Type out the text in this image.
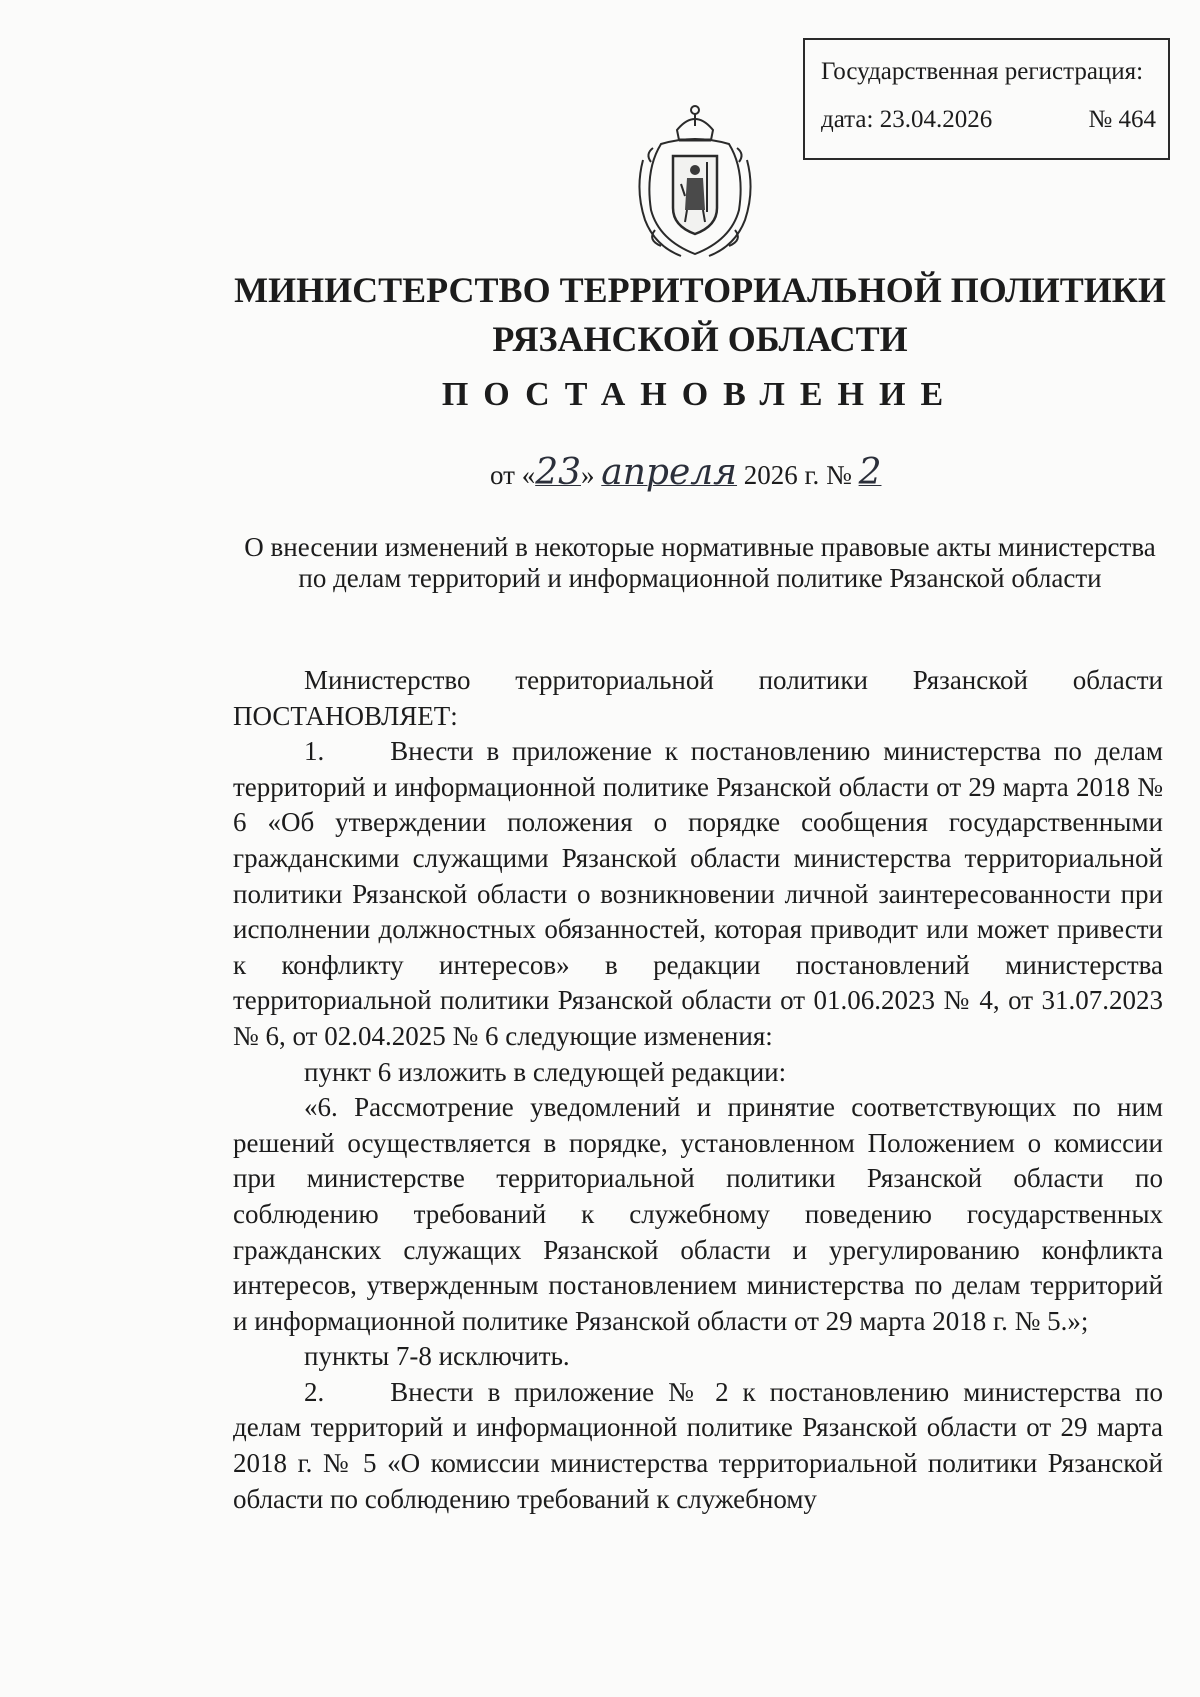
Государственная регистрация:
дата: 23.04.2026	№ 464
МИНИСТЕРСТВО ТЕРРИТОРИАЛЬНОЙ ПОЛИТИКИ
РЯЗАНСКОЙ ОБЛАСТИ
ПОСТАНОВЛЕНИЕ
от «23» апреля 2026 г. № 2
О внесении изменений в некоторые нормативные правовые акты министерства по делам территорий и информационной политике Рязанской области

Министерство территориальной политики Рязанской области ПОСТАНОВЛЯЕТ:

1. Внести в приложение к постановлению министерства по делам территорий и информационной политике Рязанской области от 29 марта 2018 № 6 «Об утверждении положения о порядке сообщения государственными гражданскими служащими Рязанской области министерства территориальной политики Рязанской области о возникновении личной заинтересованности при исполнении должностных обязанностей, которая приводит или может привести к конфликту интересов» в редакции постановлений министерства территориальной политики Рязанской области от 01.06.2023 № 4, от 31.07.2023 № 6, от 02.04.2025 № 6 следующие изменения:

пункт 6 изложить в следующей редакции:

«6. Рассмотрение уведомлений и принятие соответствующих по ним решений осуществляется в порядке, установленном Положением о комиссии при министерстве территориальной политики Рязанской области по соблюдению требований к служебному поведению государственных гражданских служащих Рязанской области и урегулированию конфликта интересов, утвержденным постановлением министерства по делам территорий и информационной политике Рязанской области от 29 марта 2018 г. № 5.»;

пункты 7-8 исключить.

2. Внести в приложение № 2 к постановлению министерства по делам территорий и информационной политике Рязанской области от 29 марта 2018 г. № 5 «О комиссии министерства территориальной политики Рязанской области по соблюдению требований к служебному
